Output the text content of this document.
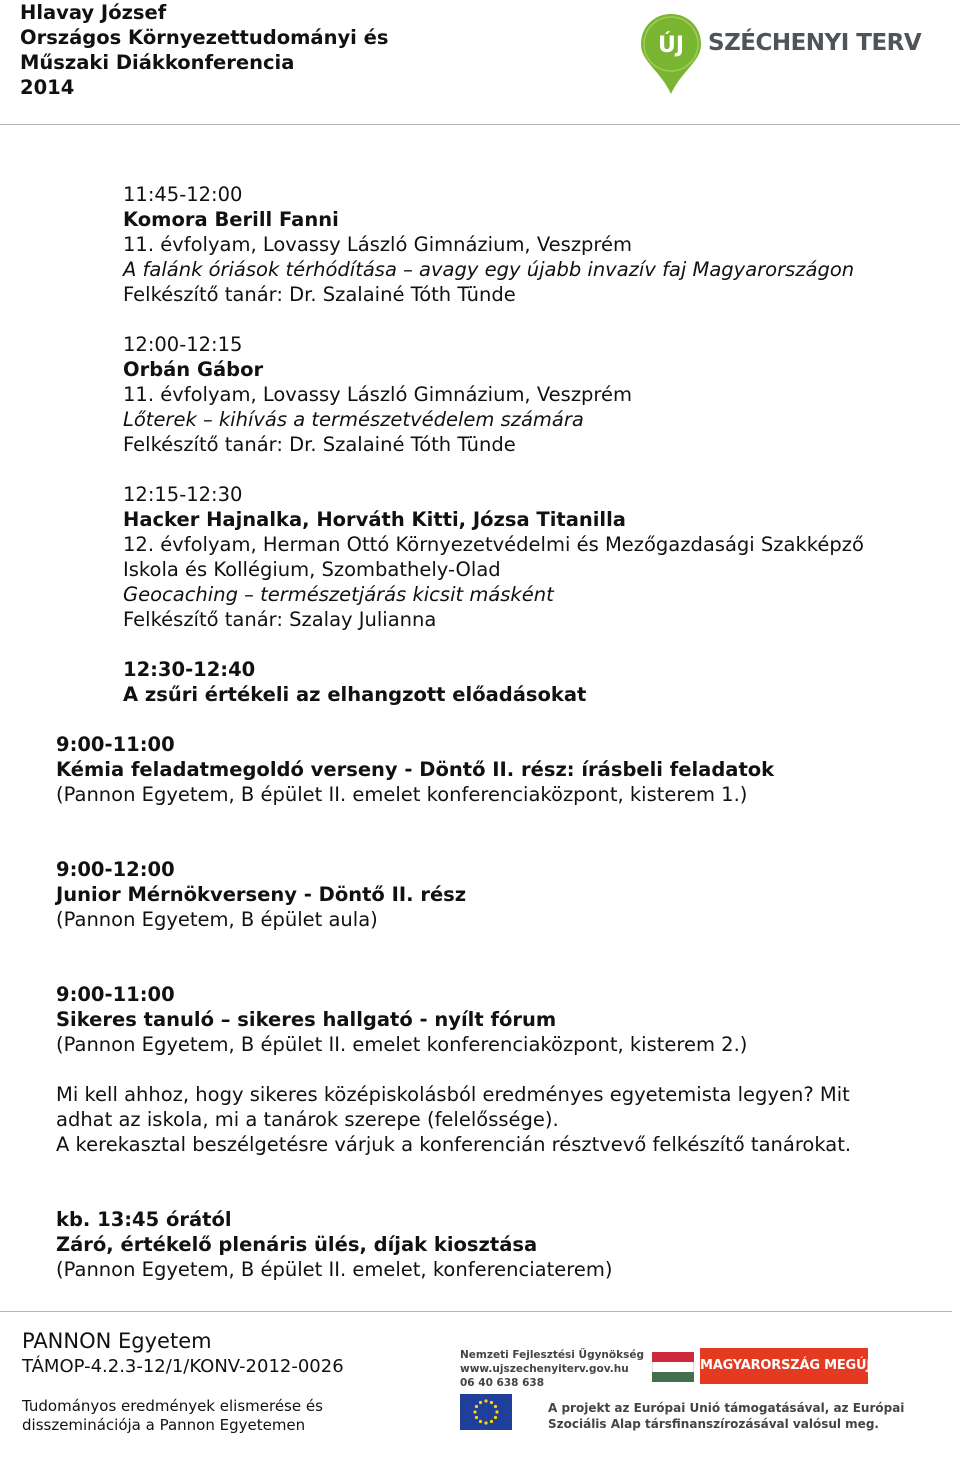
Hlavay József
Országos Környezettudományi és
Műszaki Diákkonferencia
2014
ÚJ SZÉCHENYI TERV
11:45-12:00
Komora Berill Fanni
11. évfolyam, Lovassy László Gimnázium, Veszprém
A falánk óriások térhódítása – avagy egy újabb invazív faj Magyarországon
Felkészítő tanár: Dr. Szalainé Tóth Tünde
12:00-12:15
Orbán Gábor
11. évfolyam, Lovassy László Gimnázium, Veszprém
Lőterek – kihívás a természetvédelem számára
Felkészítő tanár: Dr. Szalainé Tóth Tünde
12:15-12:30
Hacker Hajnalka, Horváth Kitti, Józsa Titanilla
12. évfolyam, Herman Ottó Környezetvédelmi és Mezőgazdasági Szakképző
Iskola és Kollégium, Szombathely-Olad
Geocaching – természetjárás kicsit másként
Felkészítő tanár: Szalay Julianna
12:30-12:40
A zsűri értékeli az elhangzott előadásokat
9:00-11:00
Kémia feladatmegoldó verseny - Döntő II. rész: írásbeli feladatok
(Pannon Egyetem, B épület II. emelet konferenciaközpont, kisterem 1.)
9:00-12:00
Junior Mérnökverseny - Döntő II. rész
(Pannon Egyetem, B épület aula)
9:00-11:00
Sikeres tanuló – sikeres hallgató - nyílt fórum
(Pannon Egyetem, B épület II. emelet konferenciaközpont, kisterem 2.)
Mi kell ahhoz, hogy sikeres középiskolásból eredményes egyetemista legyen? Mit
adhat az iskola, mi a tanárok szerepe (felelőssége).
A kerekasztal beszélgetésre várjuk a konferencián résztvevő felkészítő tanárokat.
kb. 13:45 órától
Záró, értékelő plenáris ülés, díjak kiosztása
(Pannon Egyetem, B épület II. emelet, konferenciaterem)
PANNON Egyetem
TÁMOP-4.2.3-12/1/KONV-2012-0026
Tudományos eredmények elismerése és
disszeminációja a Pannon Egyetemen
Nemzeti Fejlesztési Ügynökség
www.ujszechenyiterv.gov.hu
06 40 638 638
MAGYARORSZÁG MEGÚJUL
A projekt az Európai Unió támogatásával, az Európai
Szociális Alap társfinanszírozásával valósul meg.
